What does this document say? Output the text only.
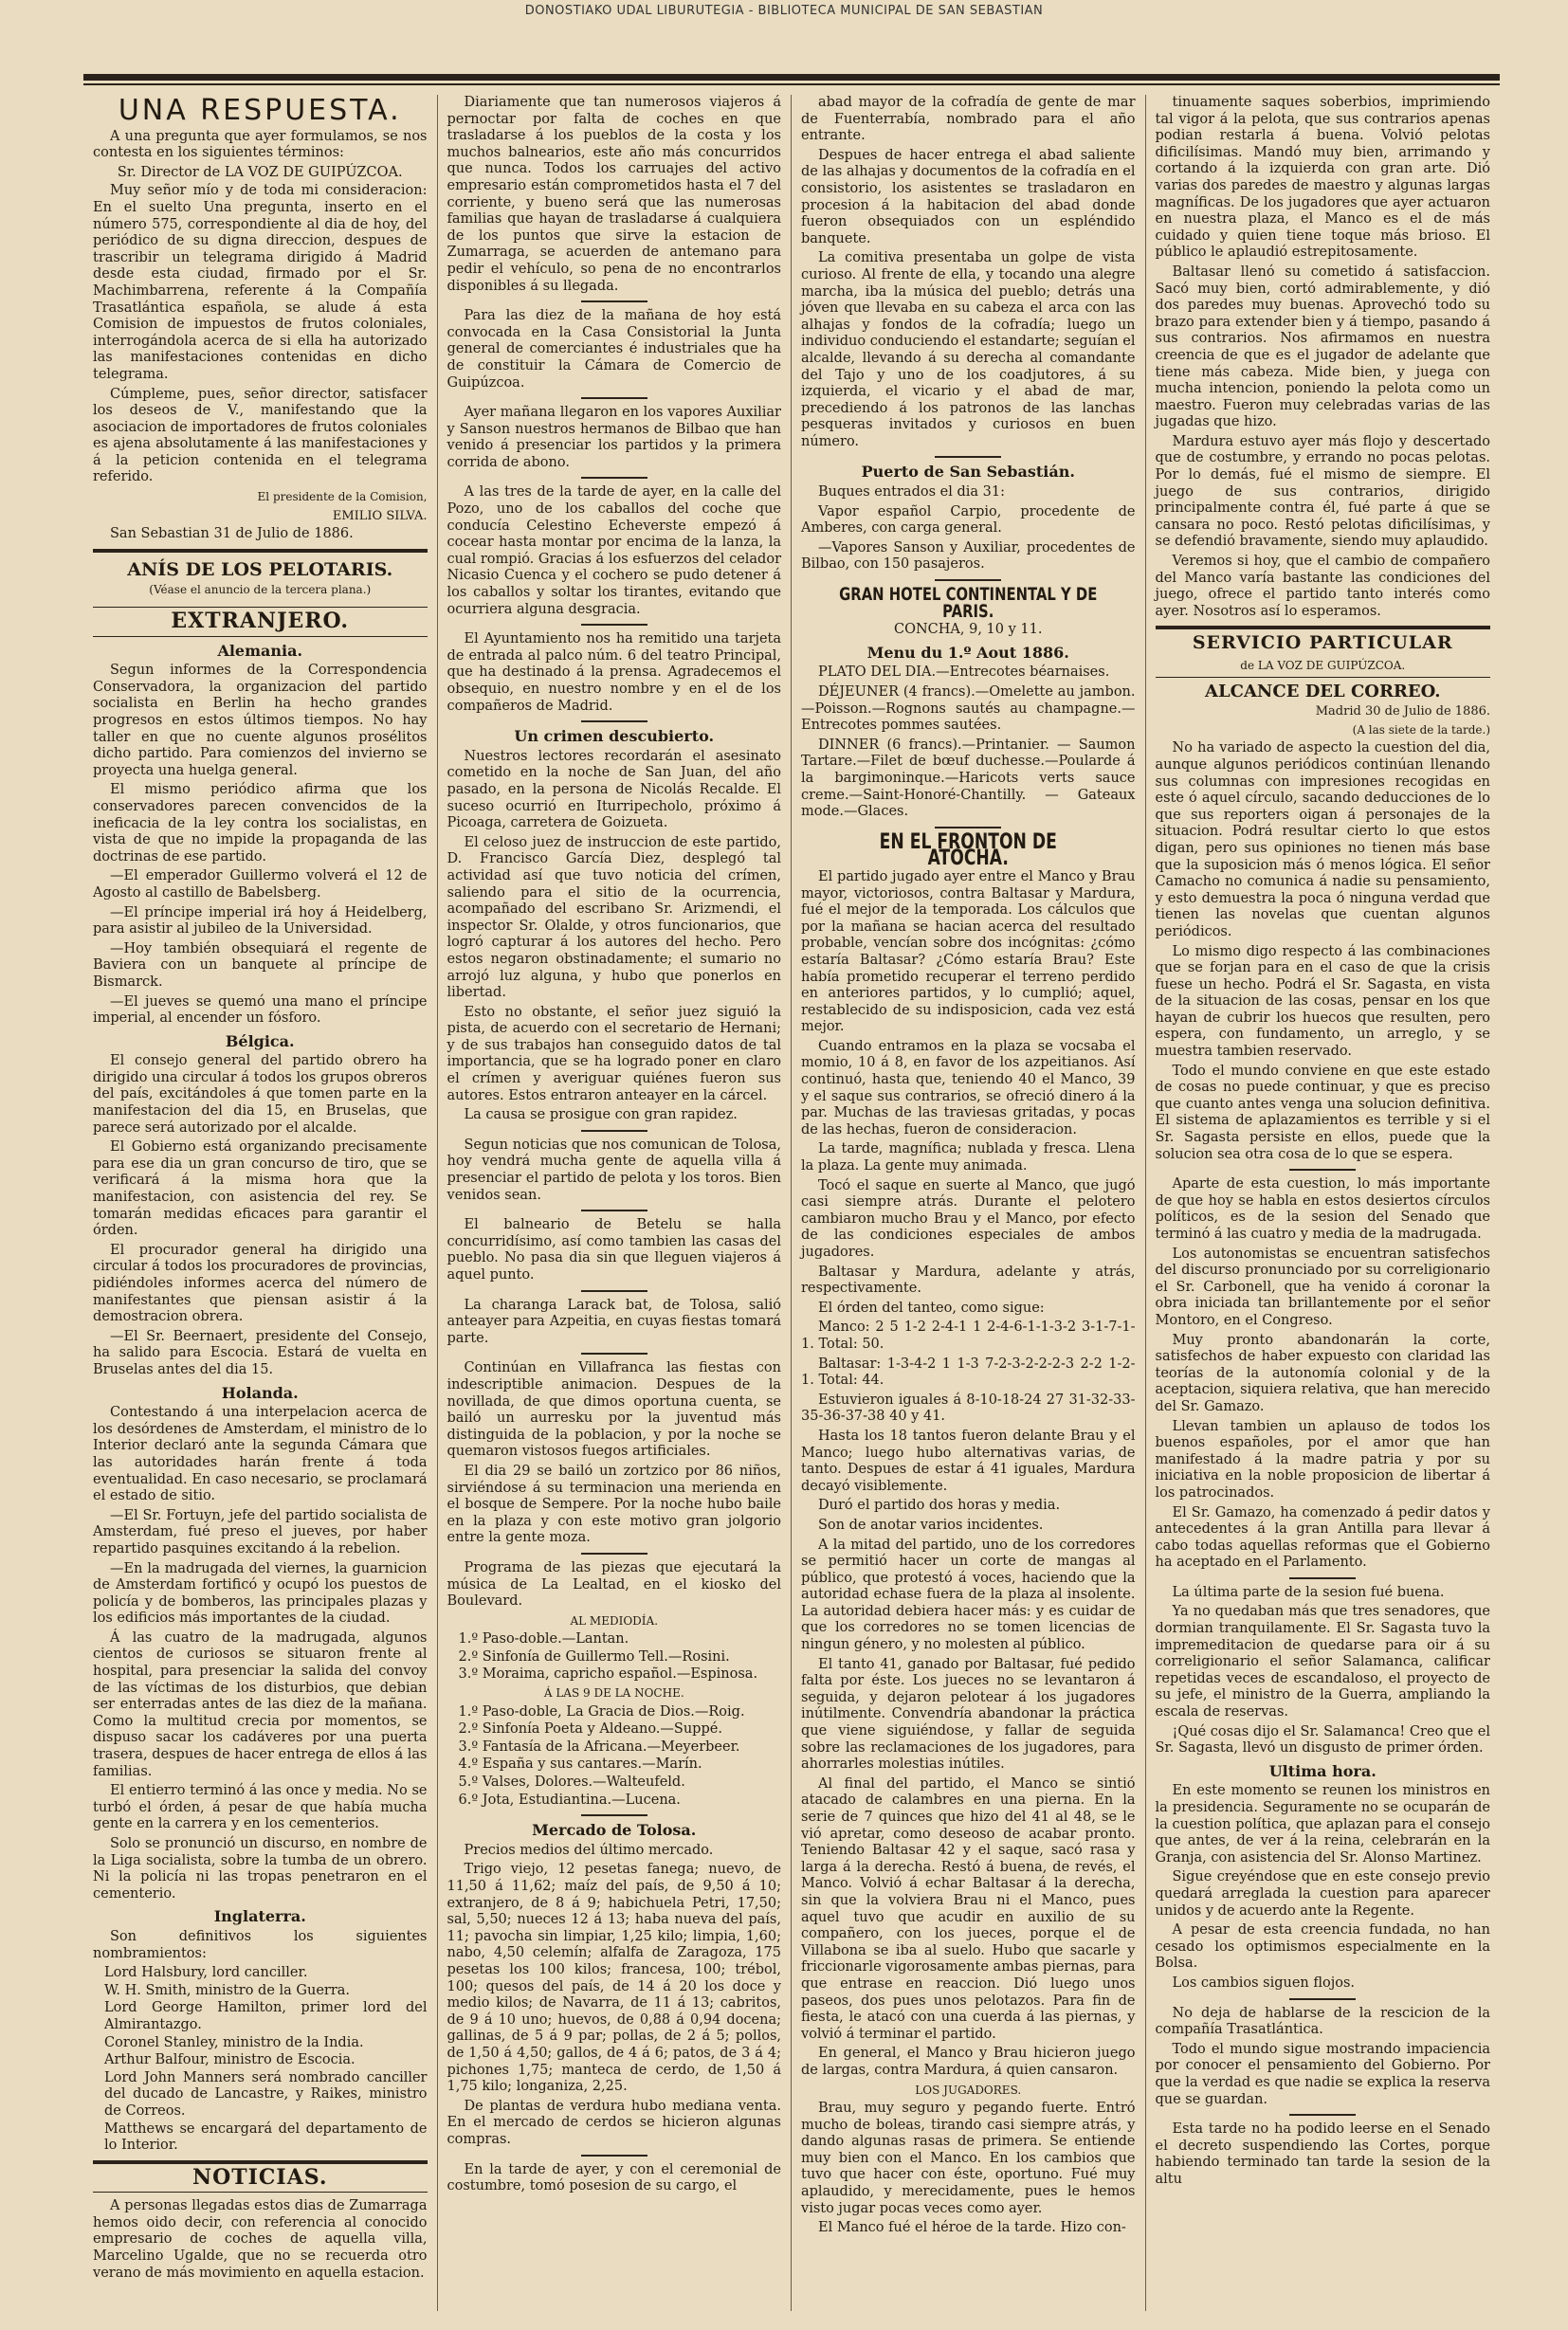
DONOSTIAKO UDAL LIBURUTEGIA - BIBLIOTECA MUNICIPAL DE SAN SEBASTIAN
UNA RESPUESTA.

A una pregunta que ayer formulamos, se nos contesta en los siguientes términos:

Sr. Director de LA VOZ DE GUIPÚZCOA.

Muy señor mío y de toda mi consideracion: En el suelto Una pregunta, inserto en el número 575, correspondiente al dia de hoy, del periódico de su digna direccion, despues de trascribir un telegrama dirigido á Madrid desde esta ciudad, firmado por el Sr. Machimbarrena, referente á la Compañía Trasatlántica española, se alude á esta Comision de impuestos de frutos coloniales, interrogándola acerca de si ella ha autorizado las manifestaciones contenidas en dicho telegrama.

Cúmpleme, pues, señor director, satisfacer los deseos de V., manifestando que la asociacion de importadores de frutos coloniales es ajena absolutamente á las manifestaciones y á la peticion contenida en el telegrama referido.

El presidente de la Comision,
EMILIO SILVA.

San Sebastian 31 de Julio de 1886.

ANÍS DE LOS PELOTARIS.
(Véase el anuncio de la tercera plana.)
EXTRANJERO.
Alemania.

Segun informes de la Correspondencia Conservadora, la organizacion del partido socialista en Berlin ha hecho grandes progresos en estos últimos tiempos. No hay taller en que no cuente algunos prosélitos dicho partido. Para comienzos del invierno se proyecta una huelga general.

El mismo periódico afirma que los conservadores parecen convencidos de la ineficacia de la ley contra los socialistas, en vista de que no impide la propaganda de las doctrinas de ese partido.

—El emperador Guillermo volverá el 12 de Agosto al castillo de Babelsberg.

—El príncipe imperial irá hoy á Heidelberg, para asistir al jubileo de la Universidad.

—Hoy también obsequiará el regente de Baviera con un banquete al príncipe de Bismarck.

—El jueves se quemó una mano el príncipe imperial, al encender un fósforo.

Bélgica.

El consejo general del partido obrero ha dirigido una circular á todos los grupos obreros del país, excitándoles á que tomen parte en la manifestacion del dia 15, en Bruselas, que parece será autorizado por el alcalde.

El Gobierno está organizando precisamente para ese dia un gran concurso de tiro, que se verificará á la misma hora que la manifestacion, con asistencia del rey. Se tomarán medidas eficaces para garantir el órden.

El procurador general ha dirigido una circular á todos los procuradores de provincias, pidiéndoles informes acerca del número de manifestantes que piensan asistir á la demostracion obrera.

—El Sr. Beernaert, presidente del Consejo, ha salido para Escocia. Estará de vuelta en Bruselas antes del dia 15.

Holanda.

Contestando á una interpelacion acerca de los desórdenes de Amsterdam, el ministro de lo Interior declaró ante la segunda Cámara que las autoridades harán frente á toda eventualidad. En caso necesario, se proclamará el estado de sitio.

—El Sr. Fortuyn, jefe del partido socialista de Amsterdam, fué preso el jueves, por haber repartido pasquines excitando á la rebelion.

—En la madrugada del viernes, la guarnicion de Amsterdam fortificó y ocupó los puestos de policía y de bomberos, las principales plazas y los edificios más importantes de la ciudad.

Á las cuatro de la madrugada, algunos cientos de curiosos se situaron frente al hospital, para presenciar la salida del convoy de las víctimas de los disturbios, que debian ser enterradas antes de las diez de la mañana. Como la multitud crecia por momentos, se dispuso sacar los cadáveres por una puerta trasera, despues de hacer entrega de ellos á las familias.

El entierro terminó á las once y media. No se turbó el órden, á pesar de que había mucha gente en la carrera y en los cementerios.

Solo se pronunció un discurso, en nombre de la Liga socialista, sobre la tumba de un obrero. Ni la policía ni las tropas penetraron en el cementerio.

Inglaterra.

Son definitivos los siguientes nombramientos:

Lord Halsbury, lord canciller.
W. H. Smith, ministro de la Guerra.
Lord George Hamilton, primer lord del Almirantazgo.
Coronel Stanley, ministro de la India.
Arthur Balfour, ministro de Escocia.
Lord John Manners será nombrado canciller del ducado de Lancastre, y Raikes, ministro de Correos.
Matthews se encargará del departamento de lo Interior.
NOTICIAS.

A personas llegadas estos dias de Zumarraga hemos oido decir, con referencia al conocido empresario de coches de aquella villa, Marcelino Ugalde, que no se recuerda otro verano de más movimiento en aquella estacion.

Diariamente que tan numerosos viajeros á pernoctar por falta de coches en que trasladarse á los pueblos de la costa y los muchos balnearios, este año más concurridos que nunca. Todos los carruajes del activo empresario están comprometidos hasta el 7 del corriente, y bueno será que las numerosas familias que hayan de trasladarse á cualquiera de los puntos que sirve la estacion de Zumarraga, se acuerden de antemano para pedir el vehículo, so pena de no encontrarlos disponibles á su llegada.

Para las diez de la mañana de hoy está convocada en la Casa Consistorial la Junta general de comerciantes é industriales que ha de constituir la Cámara de Comercio de Guipúzcoa.

Ayer mañana llegaron en los vapores Auxiliar y Sanson nuestros hermanos de Bilbao que han venido á presenciar los partidos y la primera corrida de abono.

A las tres de la tarde de ayer, en la calle del Pozo, uno de los caballos del coche que conducía Celestino Echeverste empezó á cocear hasta montar por encima de la lanza, la cual rompió. Gracias á los esfuerzos del celador Nicasio Cuenca y el cochero se pudo detener á los caballos y soltar los tirantes, evitando que ocurriera alguna desgracia.

El Ayuntamiento nos ha remitido una tarjeta de entrada al palco núm. 6 del teatro Principal, que ha destinado á la prensa. Agradecemos el obsequio, en nuestro nombre y en el de los compañeros de Madrid.

Un crimen descubierto.

Nuestros lectores recordarán el asesinato cometido en la noche de San Juan, del año pasado, en la persona de Nicolás Recalde. El suceso ocurrió en Iturripecholo, próximo á Picoaga, carretera de Goizueta.

El celoso juez de instruccion de este partido, D. Francisco García Diez, desplegó tal actividad así que tuvo noticia del crímen, saliendo para el sitio de la ocurrencia, acompañado del escribano Sr. Arizmendi, el inspector Sr. Olalde, y otros funcionarios, que logró capturar á los autores del hecho. Pero estos negaron obstinadamente; el sumario no arrojó luz alguna, y hubo que ponerlos en libertad.

Esto no obstante, el señor juez siguió la pista, de acuerdo con el secretario de Hernani; y de sus trabajos han conseguido datos de tal importancia, que se ha logrado poner en claro el crímen y averiguar quiénes fueron sus autores. Estos entraron anteayer en la cárcel.

La causa se prosigue con gran rapidez.

Segun noticias que nos comunican de Tolosa, hoy vendrá mucha gente de aquella villa á presenciar el partido de pelota y los toros. Bien venidos sean.

El balneario de Betelu se halla concurridísimo, así como tambien las casas del pueblo. No pasa dia sin que lleguen viajeros á aquel punto.

La charanga Larack bat, de Tolosa, salió anteayer para Azpeitia, en cuyas fiestas tomará parte.

Continúan en Villafranca las fiestas con indescriptible animacion. Despues de la novillada, de que dimos oportuna cuenta, se bailó un aurresku por la juventud más distinguida de la poblacion, y por la noche se quemaron vistosos fuegos artificiales.

El dia 29 se bailó un zortzico por 86 niños, sirviéndose á su terminacion una merienda en el bosque de Sempere. Por la noche hubo baile en la plaza y con este motivo gran jolgorio entre la gente moza.

Programa de las piezas que ejecutará la música de La Lealtad, en el kiosko del Boulevard.

AL MEDIODÍA.
1.º Paso-doble.—Lantan.
2.º Sinfonía de Guillermo Tell.—Rosini.
3.º Moraima, capricho español.—Espinosa.
Á LAS 9 DE LA NOCHE.
1.º Paso-doble, La Gracia de Dios.—Roig.
2.º Sinfonía Poeta y Aldeano.—Suppé.
3.º Fantasía de la Africana.—Meyerbeer.
4.º España y sus cantares.—Marín.
5.º Valses, Dolores.—Walteufeld.
6.º Jota, Estudiantina.—Lucena.
Mercado de Tolosa.

Precios medios del último mercado.

Trigo viejo, 12 pesetas fanega; nuevo, de 11,50 á 11,62; maíz del país, de 9,50 á 10; extranjero, de 8 á 9; habichuela Petri, 17,50; sal, 5,50; nueces 12 á 13; haba nueva del país, 11; pavocha sin limpiar, 1,25 kilo; limpia, 1,60; nabo, 4,50 celemín; alfalfa de Zaragoza, 175 pesetas los 100 kilos; francesa, 100; trébol, 100; quesos del país, de 14 á 20 los doce y medio kilos; de Navarra, de 11 á 13; cabritos, de 9 á 10 uno; huevos, de 0,88 á 0,94 docena; gallinas, de 5 á 9 par; pollas, de 2 á 5; pollos, de 1,50 á 4,50; gallos, de 4 á 6; patos, de 3 á 4; pichones 1,75; manteca de cerdo, de 1,50 á 1,75 kilo; longaniza, 2,25.

De plantas de verdura hubo mediana venta. En el mercado de cerdos se hicieron algunas compras.

En la tarde de ayer, y con el ceremonial de costumbre, tomó posesion de su cargo, el

abad mayor de la cofradía de gente de mar de Fuenterrabía, nombrado para el año entrante.

Despues de hacer entrega el abad saliente de las alhajas y documentos de la cofradía en el consistorio, los asistentes se trasladaron en procesion á la habitacion del abad donde fueron obsequiados con un espléndido banquete.

La comitiva presentaba un golpe de vista curioso. Al frente de ella, y tocando una alegre marcha, iba la música del pueblo; detrás una jóven que llevaba en su cabeza el arca con las alhajas y fondos de la cofradía; luego un individuo conduciendo el estandarte; seguían el alcalde, llevando á su derecha al comandante del Tajo y uno de los coadjutores, á su izquierda, el vicario y el abad de mar, precediendo á los patronos de las lanchas pesqueras invitados y curiosos en buen número.

Puerto de San Sebastián.

Buques entrados el dia 31:

Vapor español Carpio, procedente de Amberes, con carga general.

—Vapores Sanson y Auxiliar, procedentes de Bilbao, con 150 pasajeros.

GRAN HOTEL CONTINENTAL Y DE PARIS.
CONCHA, 9, 10 y 11.
Menu du 1.º Aout 1886.

PLATO DEL DIA.—Entrecotes béarnaises.

DÉJEUNER (4 francs).—Omelette au jambon.—Poisson.—Rognons sautés au champagne.—Entrecotes pommes sautées.

DINNER (6 francs).—Printanier. — Saumon Tartare.—Filet de bœuf duchesse.—Poularde á la bargimoninque.—Haricots verts sauce creme.—Saint-Honoré-Chantilly. — Gateaux mode.—Glaces.

EN EL FRONTON DE ATOCHA.

El partido jugado ayer entre el Manco y Brau mayor, victoriosos, contra Baltasar y Mardura, fué el mejor de la temporada. Los cálculos que por la mañana se hacian acerca del resultado probable, vencían sobre dos incógnitas: ¿cómo estaría Baltasar? ¿Cómo estaría Brau? Este había prometido recuperar el terreno perdido en anteriores partidos, y lo cumplió; aquel, restablecido de su indisposicion, cada vez está mejor.

Cuando entramos en la plaza se vocsaba el momio, 10 á 8, en favor de los azpeitianos. Así continuó, hasta que, teniendo 40 el Manco, 39 y el saque sus contrarios, se ofreció dinero á la par. Muchas de las traviesas gritadas, y pocas de las hechas, fueron de consideracion.

La tarde, magnífica; nublada y fresca. Llena la plaza. La gente muy animada.

Tocó el saque en suerte al Manco, que jugó casi siempre atrás. Durante el pelotero cambiaron mucho Brau y el Manco, por efecto de las condiciones especiales de ambos jugadores.

Baltasar y Mardura, adelante y atrás, respectivamente.

El órden del tanteo, como sigue:

Manco: 2 5 1-2 2-4-1 1 2-4-6-1-1-3-2 3-1-7-1-1. Total: 50.

Baltasar: 1-3-4-2 1 1-3 7-2-3-2-2-2-3 2-2 1-2-1. Total: 44.

Estuvieron iguales á 8-10-18-24 27 31-32-33-35-36-37-38 40 y 41.

Hasta los 18 tantos fueron delante Brau y el Manco; luego hubo alternativas varias, de tanto. Despues de estar á 41 iguales, Mardura decayó visiblemente.

Duró el partido dos horas y media.

Son de anotar varios incidentes.

A la mitad del partido, uno de los corredores se permitió hacer un corte de mangas al público, que protestó á voces, haciendo que la autoridad echase fuera de la plaza al insolente. La autoridad debiera hacer más: y es cuidar de que los corredores no se tomen licencias de ningun género, y no molesten al público.

El tanto 41, ganado por Baltasar, fué pedido falta por éste. Los jueces no se levantaron á seguida, y dejaron pelotear á los jugadores inútilmente. Convendría abandonar la práctica que viene siguiéndose, y fallar de seguida sobre las reclamaciones de los jugadores, para ahorrarles molestias inútiles.

Al final del partido, el Manco se sintió atacado de calambres en una pierna. En la serie de 7 quinces que hizo del 41 al 48, se le vió apretar, como deseoso de acabar pronto. Teniendo Baltasar 42 y el saque, sacó rasa y larga á la derecha. Restó á buena, de revés, el Manco. Volvió á echar Baltasar á la derecha, sin que la volviera Brau ni el Manco, pues aquel tuvo que acudir en auxilio de su compañero, con los jueces, porque el de Villabona se iba al suelo. Hubo que sacarle y friccionarle vigorosamente ambas piernas, para que entrase en reaccion. Dió luego unos paseos, dos pues unos pelotazos. Para fin de fiesta, le atacó con una cuerda á las piernas, y volvió á terminar el partido.

En general, el Manco y Brau hicieron juego de largas, contra Mardura, á quien cansaron.

LOS JUGADORES.

Brau, muy seguro y pegando fuerte. Entró mucho de boleas, tirando casi siempre atrás, y dando algunas rasas de primera. Se entiende muy bien con el Manco. En los cambios que tuvo que hacer con éste, oportuno. Fué muy aplaudido, y merecidamente, pues le hemos visto jugar pocas veces como ayer.

El Manco fué el héroe de la tarde. Hizo con-

tinuamente saques soberbios, imprimiendo tal vigor á la pelota, que sus contrarios apenas podian restarla á buena. Volvió pelotas dificilísimas. Mandó muy bien, arrimando y cortando á la izquierda con gran arte. Dió varias dos paredes de maestro y algunas largas magníficas. De los jugadores que ayer actuaron en nuestra plaza, el Manco es el de más cuidado y quien tiene toque más brioso. El público le aplaudió estrepitosamente.

Baltasar llenó su cometido á satisfaccion. Sacó muy bien, cortó admirablemente, y dió dos paredes muy buenas. Aprovechó todo su brazo para extender bien y á tiempo, pasando á sus contrarios. Nos afirmamos en nuestra creencia de que es el jugador de adelante que tiene más cabeza. Mide bien, y juega con mucha intencion, poniendo la pelota como un maestro. Fueron muy celebradas varias de las jugadas que hizo.

Mardura estuvo ayer más flojo y descertado que de costumbre, y errando no pocas pelotas. Por lo demás, fué el mismo de siempre. El juego de sus contrarios, dirigido principalmente contra él, fué parte á que se cansara no poco. Restó pelotas dificilísimas, y se defendió bravamente, siendo muy aplaudido.

Veremos si hoy, que el cambio de compañero del Manco varía bastante las condiciones del juego, ofrece el partido tanto interés como ayer. Nosotros así lo esperamos.

SERVICIO PARTICULAR
de LA VOZ DE GUIPÚZCOA.
ALCANCE DEL CORREO.
Madrid 30 de Julio de 1886.
(A las siete de la tarde.)

No ha variado de aspecto la cuestion del dia, aunque algunos periódicos continúan llenando sus columnas con impresiones recogidas en este ó aquel círculo, sacando deducciones de lo que sus reporters oigan á personajes de la situacion. Podrá resultar cierto lo que estos digan, pero sus opiniones no tienen más base que la suposicion más ó menos lógica. El señor Camacho no comunica á nadie su pensamiento, y esto demuestra la poca ó ninguna verdad que tienen las novelas que cuentan algunos periódicos.

Lo mismo digo respecto á las combinaciones que se forjan para en el caso de que la crisis fuese un hecho. Podrá el Sr. Sagasta, en vista de la situacion de las cosas, pensar en los que hayan de cubrir los huecos que resulten, pero espera, con fundamento, un arreglo, y se muestra tambien reservado.

Todo el mundo conviene en que este estado de cosas no puede continuar, y que es preciso que cuanto antes venga una solucion definitiva. El sistema de aplazamientos es terrible y si el Sr. Sagasta persiste en ellos, puede que la solucion sea otra cosa de lo que se espera.

Aparte de esta cuestion, lo más importante de que hoy se habla en estos desiertos círculos políticos, es de la sesion del Senado que terminó á las cuatro y media de la madrugada.

Los autonomistas se encuentran satisfechos del discurso pronunciado por su correligionario el Sr. Carbonell, que ha venido á coronar la obra iniciada tan brillantemente por el señor Montoro, en el Congreso.

Muy pronto abandonarán la corte, satisfechos de haber expuesto con claridad las teorías de la autonomía colonial y de la aceptacion, siquiera relativa, que han merecido del Sr. Gamazo.

Llevan tambien un aplauso de todos los buenos españoles, por el amor que han manifestado á la madre patria y por su iniciativa en la noble proposicion de libertar á los patrocinados.

El Sr. Gamazo, ha comenzado á pedir datos y antecedentes á la gran Antilla para llevar á cabo todas aquellas reformas que el Gobierno ha aceptado en el Parlamento.

La última parte de la sesion fué buena.

Ya no quedaban más que tres senadores, que dormian tranquilamente. El Sr. Sagasta tuvo la impremeditacion de quedarse para oir á su correligionario el señor Salamanca, calificar repetidas veces de escandaloso, el proyecto de su jefe, el ministro de la Guerra, ampliando la escala de reservas.

¡Qué cosas dijo el Sr. Salamanca! Creo que el Sr. Sagasta, llevó un disgusto de primer órden.

Ultima hora.

En este momento se reunen los ministros en la presidencia. Seguramente no se ocuparán de la cuestion política, que aplazan para el consejo que antes, de ver á la reina, celebrarán en la Granja, con asistencia del Sr. Alonso Martinez.

Sigue creyéndose que en este consejo previo quedará arreglada la cuestion para aparecer unidos y de acuerdo ante la Regente.

A pesar de esta creencia fundada, no han cesado los optimismos especialmente en la Bolsa.

Los cambios siguen flojos.

No deja de hablarse de la rescicion de la compañía Trasatlántica.

Todo el mundo sigue mostrando impaciencia por conocer el pensamiento del Gobierno. Por que la verdad es que nadie se explica la reserva que se guardan.

Esta tarde no ha podido leerse en el Senado el decreto suspendiendo las Cortes, porque habiendo terminado tan tarde la sesion de la altu
